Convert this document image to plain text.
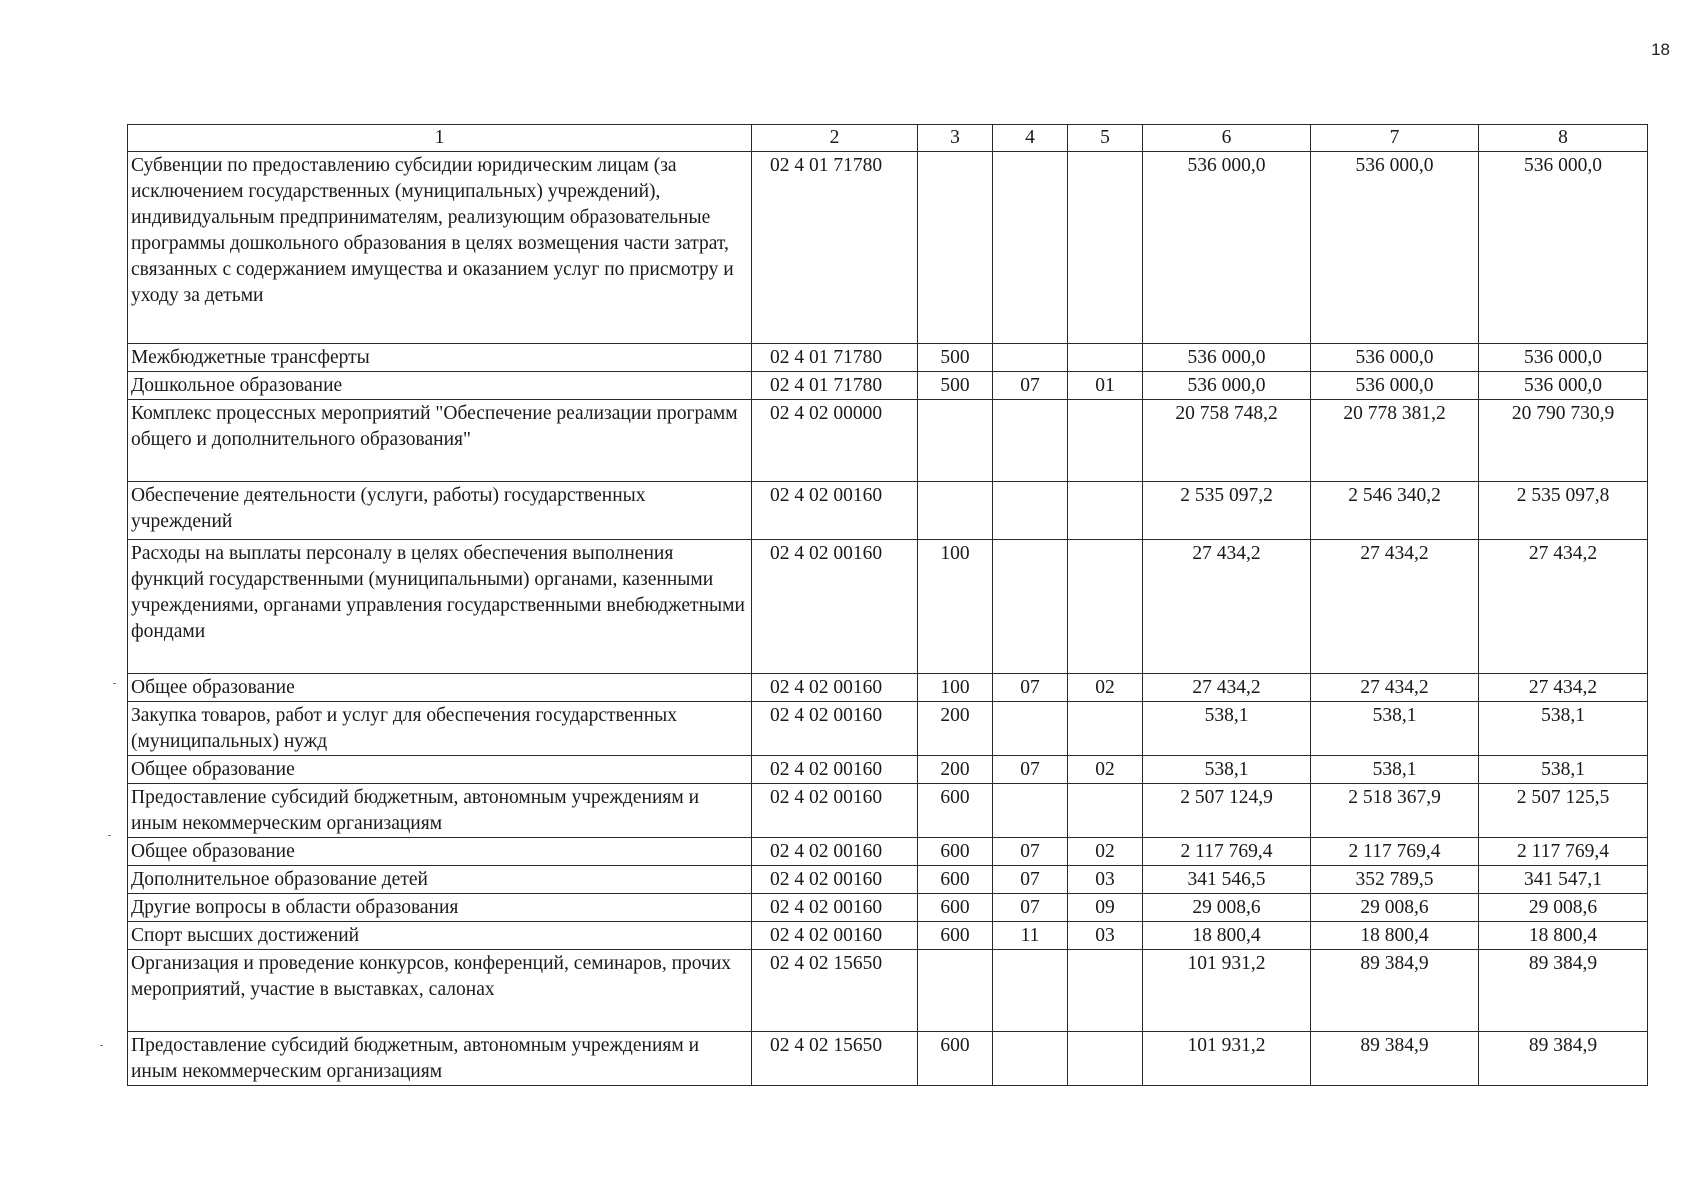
18
1	2	3	4	5	6	7	8
Субвенции по предоставлению субсидии юридическим лицам (за исключением государственных (муниципальных) учреждений), индивидуальным предпринимателям, реализующим образовательные программы дошкольного образования в целях возмещения части затрат, связанных с содержанием имущества и оказанием услуг по присмотру и уходу за детьми	02 4 01 71780				536 000,0	536 000,0	536 000,0
Межбюджетные трансферты	02 4 01 71780	500			536 000,0	536 000,0	536 000,0
Дошкольное образование	02 4 01 71780	500	07	01	536 000,0	536 000,0	536 000,0
Комплекс процессных мероприятий "Обеспечение реализации программ общего и дополнительного образования"	02 4 02 00000				20 758 748,2	20 778 381,2	20 790 730,9
Обеспечение деятельности (услуги, работы) государственных учреждений	02 4 02 00160				2 535 097,2	2 546 340,2	2 535 097,8
Расходы на выплаты персоналу в целях обеспечения выполнения функций государственными (муниципальными) органами, казенными учреждениями, органами управления государственными внебюджетными фондами	02 4 02 00160	100			27 434,2	27 434,2	27 434,2
Общее образование	02 4 02 00160	100	07	02	27 434,2	27 434,2	27 434,2
Закупка товаров, работ и услуг для обеспечения государственных (муниципальных) нужд	02 4 02 00160	200			538,1	538,1	538,1
Общее образование	02 4 02 00160	200	07	02	538,1	538,1	538,1
Предоставление субсидий бюджетным, автономным учреждениям и иным некоммерческим организациям	02 4 02 00160	600			2 507 124,9	2 518 367,9	2 507 125,5
Общее образование	02 4 02 00160	600	07	02	2 117 769,4	2 117 769,4	2 117 769,4
Дополнительное образование детей	02 4 02 00160	600	07	03	341 546,5	352 789,5	341 547,1
Другие вопросы в области образования	02 4 02 00160	600	07	09	29 008,6	29 008,6	29 008,6
Спорт высших достижений	02 4 02 00160	600	11	03	18 800,4	18 800,4	18 800,4
Организация и проведение конкурсов, конференций, семинаров, прочих мероприятий, участие в выставках, салонах	02 4 02 15650				101 931,2	89 384,9	89 384,9
Предоставление субсидий бюджетным, автономным учреждениям и иным некоммерческим организациям	02 4 02 15650	600			101 931,2	89 384,9	89 384,9
